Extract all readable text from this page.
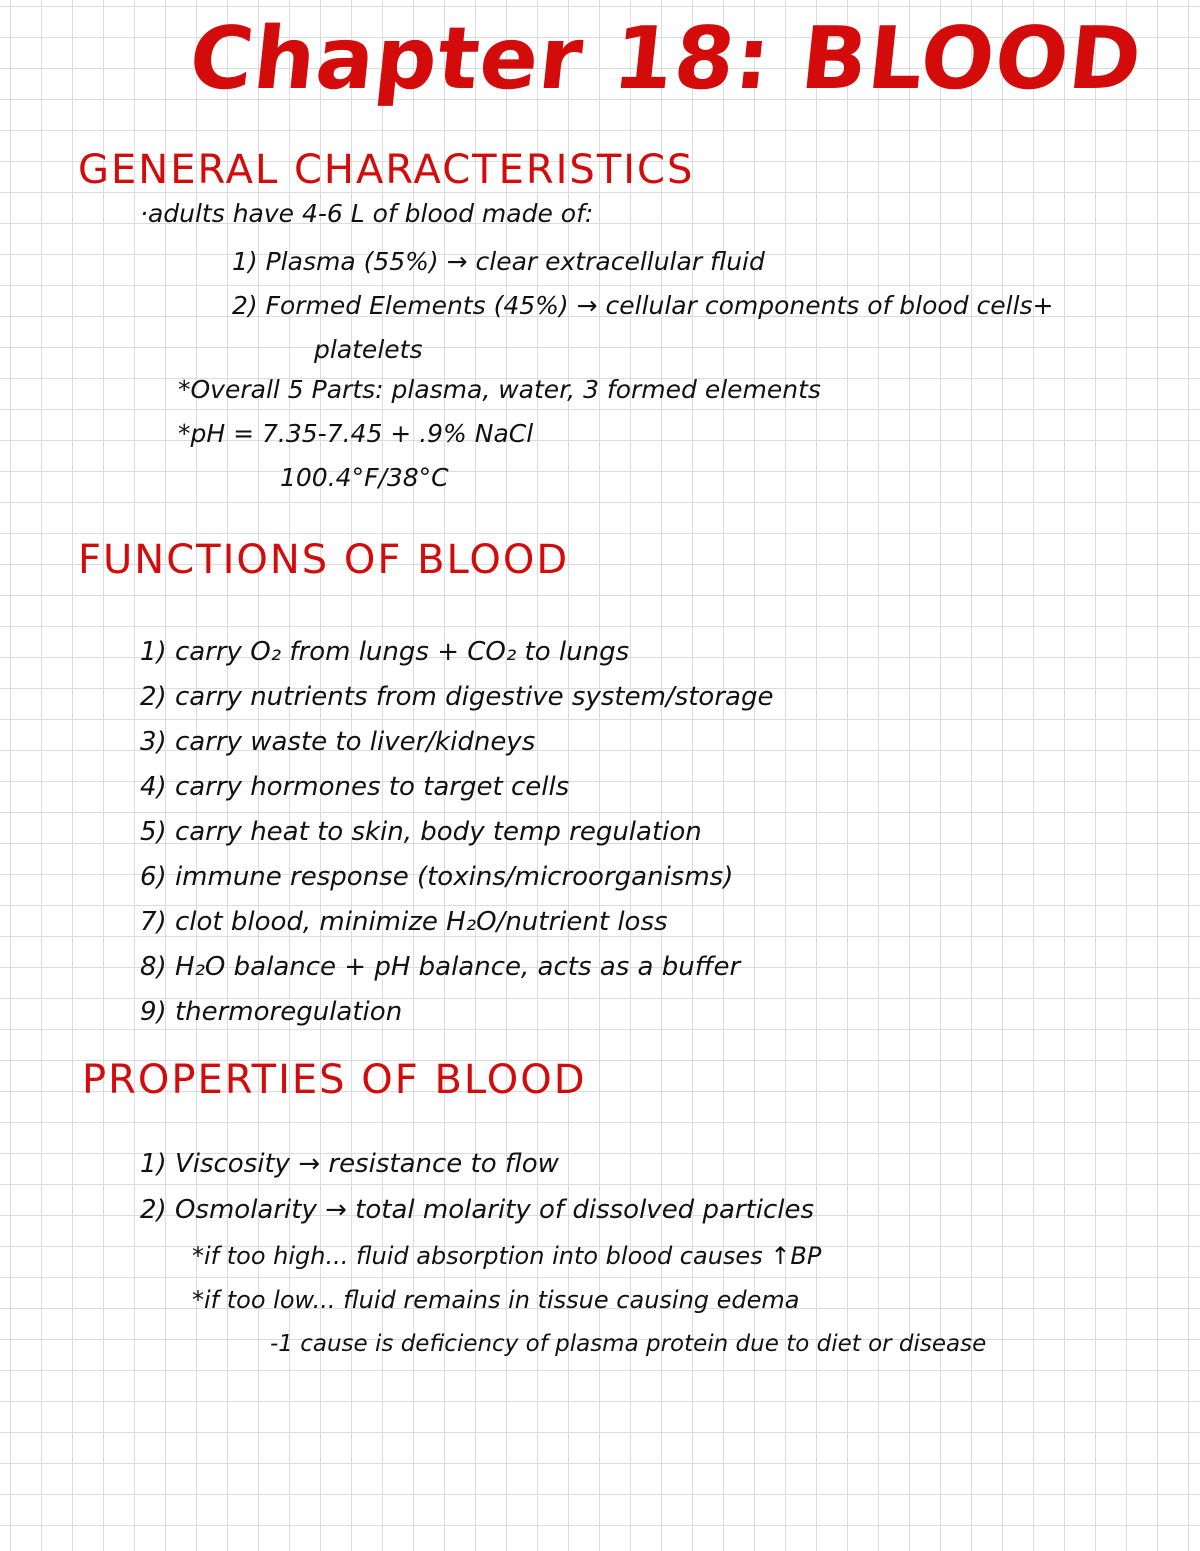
Chapter 18: BLOOD
GENERAL CHARACTERISTICS
·adults have 4-6 L of blood made of:
1) Plasma (55%) → clear extracellular fluid
2) Formed Elements (45%) → cellular components of blood cells+
platelets
*Overall 5 Parts: plasma, water, 3 formed elements
*pH = 7.35-7.45 + .9% NaCl
100.4°F/38°C
FUNCTIONS OF BLOOD
1) carry O₂ from lungs + CO₂ to lungs
2) carry nutrients from digestive system/storage
3) carry waste to liver/kidneys
4) carry hormones to target cells
5) carry heat to skin, body temp regulation
6) immune response (toxins/microorganisms)
7) clot blood, minimize H₂O/nutrient loss
8) H₂O balance + pH balance, acts as a buffer
9) thermoregulation
PROPERTIES OF BLOOD
1) Viscosity → resistance to flow
2) Osmolarity → total molarity of dissolved particles
*if too high... fluid absorption into blood causes ↑BP
*if too low... fluid remains in tissue causing edema
-1 cause is deficiency of plasma protein due to diet or disease
